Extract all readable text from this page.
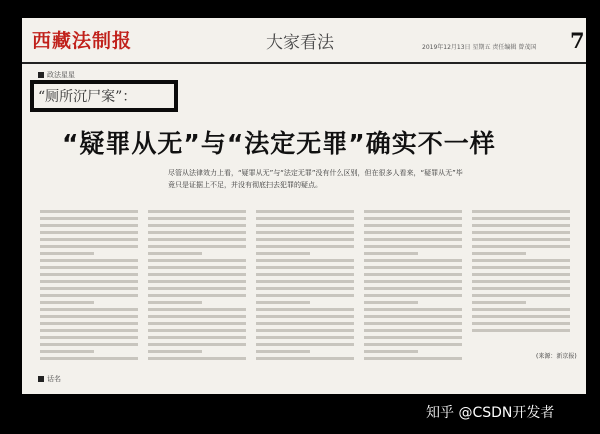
西藏法制报	大家看法	2019年12月13日 星期五 责任编辑 曾茂国 7
政法星星
“厕所沉尸案”：
“疑罪从无”与“法定无罪”确实不一样
尽管从法律效力上看，“疑罪从无”与“法定无罪”没有什么区别，但在很多人看来，“疑罪从无”毕竟只是证据上不足，并没有彻底扫去犯罪的疑点。
(来源：新京报)
话名
知乎 @CSDN开发者
